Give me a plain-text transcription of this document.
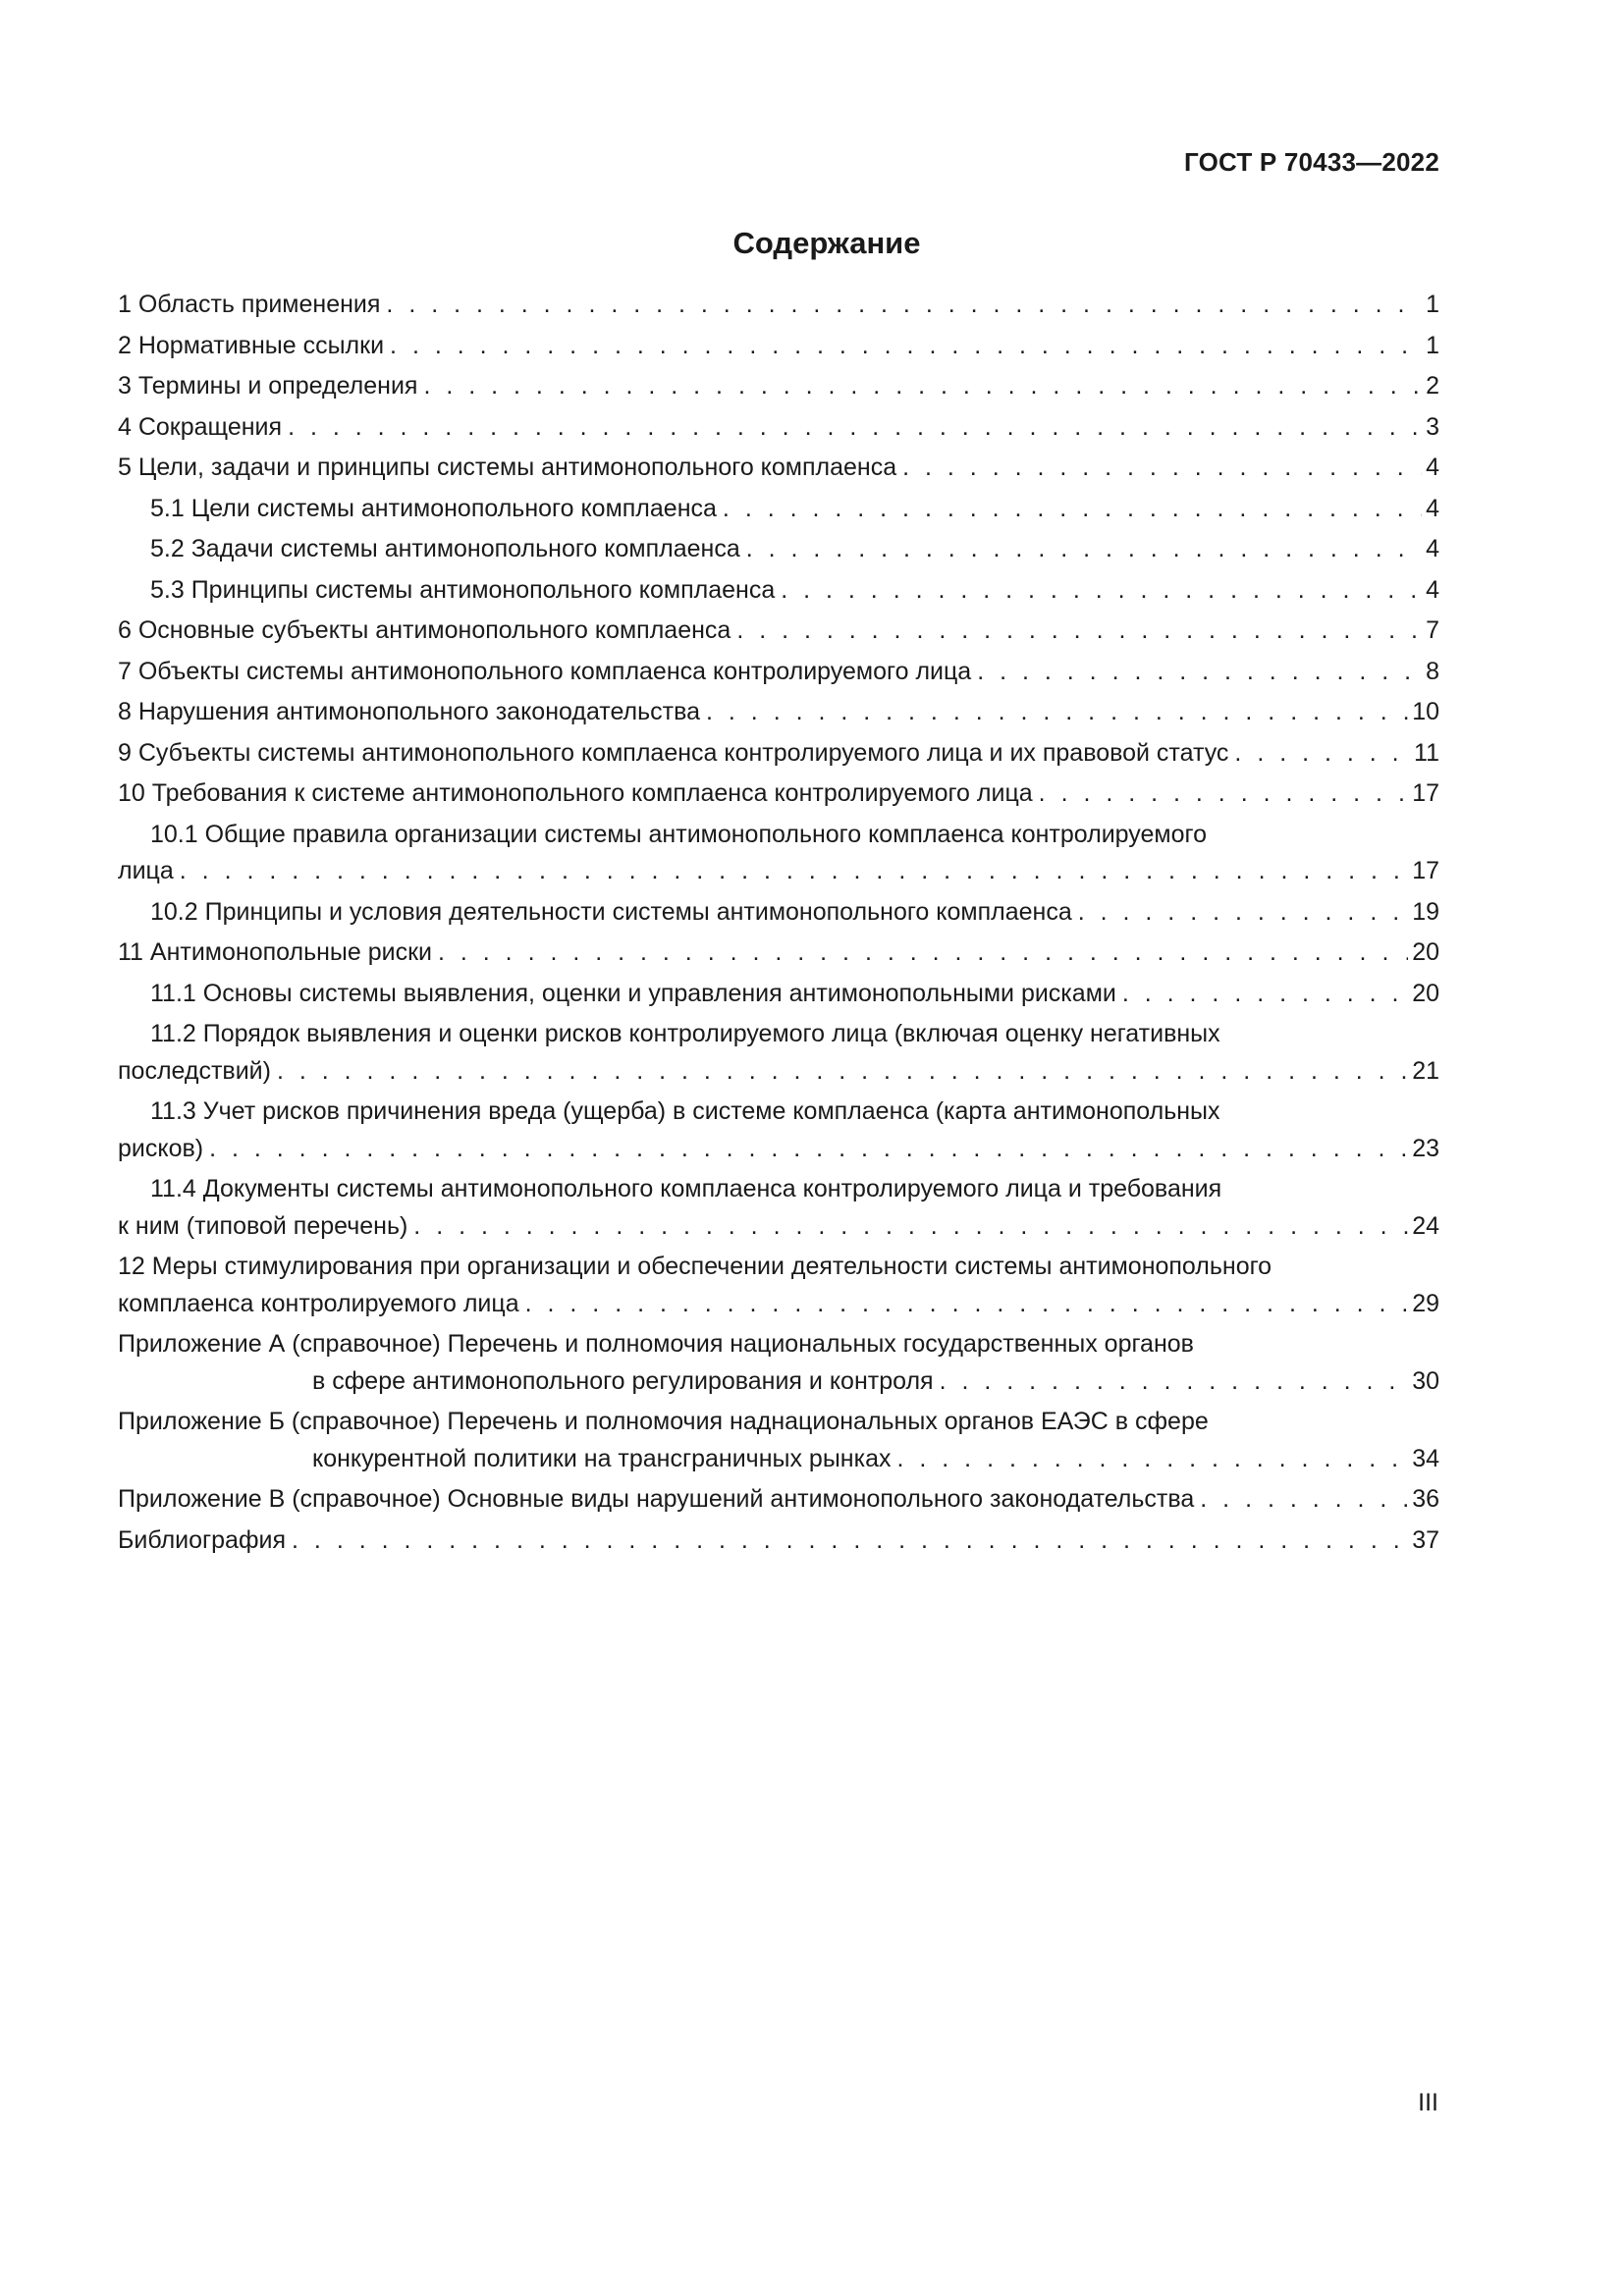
ГОСТ Р 70433—2022
Содержание
1 Область применения . . .	1
2 Нормативные ссылки . . .	1
3 Термины и определения . . .	2
4 Сокращения . . .	3
5 Цели, задачи и принципы системы антимонопольного комплаенса . . .	4
5.1 Цели системы антимонопольного комплаенса . . .	4
5.2 Задачи системы антимонопольного комплаенса . . .	4
5.3 Принципы системы антимонопольного комплаенса . . .	4
6 Основные субъекты антимонопольного комплаенса . . .	7
7 Объекты системы антимонопольного комплаенса контролируемого лица . . .	8
8 Нарушения антимонопольного законодательства . . .	10
9 Субъекты системы антимонопольного комплаенса контролируемого лица и их правовой статус . . .	11
10 Требования к системе антимонопольного комплаенса контролируемого лица . . .	17
10.1 Общие правила организации системы антимонопольного комплаенса контролируемого
лица . . .	17
10.2 Принципы и условия деятельности системы антимонопольного комплаенса . . .	19
11 Антимонопольные риски . . .	20
11.1 Основы системы выявления, оценки и управления антимонопольными рисками . . .	20
11.2 Порядок выявления и оценки рисков контролируемого лица (включая оценку негативных
последствий) . . .	21
11.3 Учет рисков причинения вреда (ущерба) в системе комплаенса (карта антимонопольных
рисков) . . .	23
11.4 Документы системы антимонопольного комплаенса контролируемого лица и требования
к ним (типовой перечень) . . .	24
12 Меры стимулирования при организации и обеспечении деятельности системы антимонопольного
комплаенса контролируемого лица . . .	29
Приложение А (справочное) Перечень и полномочия национальных государственных органов
в сфере антимонопольного регулирования и контроля . . .	30
Приложение Б (справочное) Перечень и полномочия наднациональных органов ЕАЭС в сфере
конкурентной политики на трансграничных рынках . . .	34
Приложение В (справочное) Основные виды нарушений антимонопольного законодательства . . .	36
Библиография . . .	37
III
